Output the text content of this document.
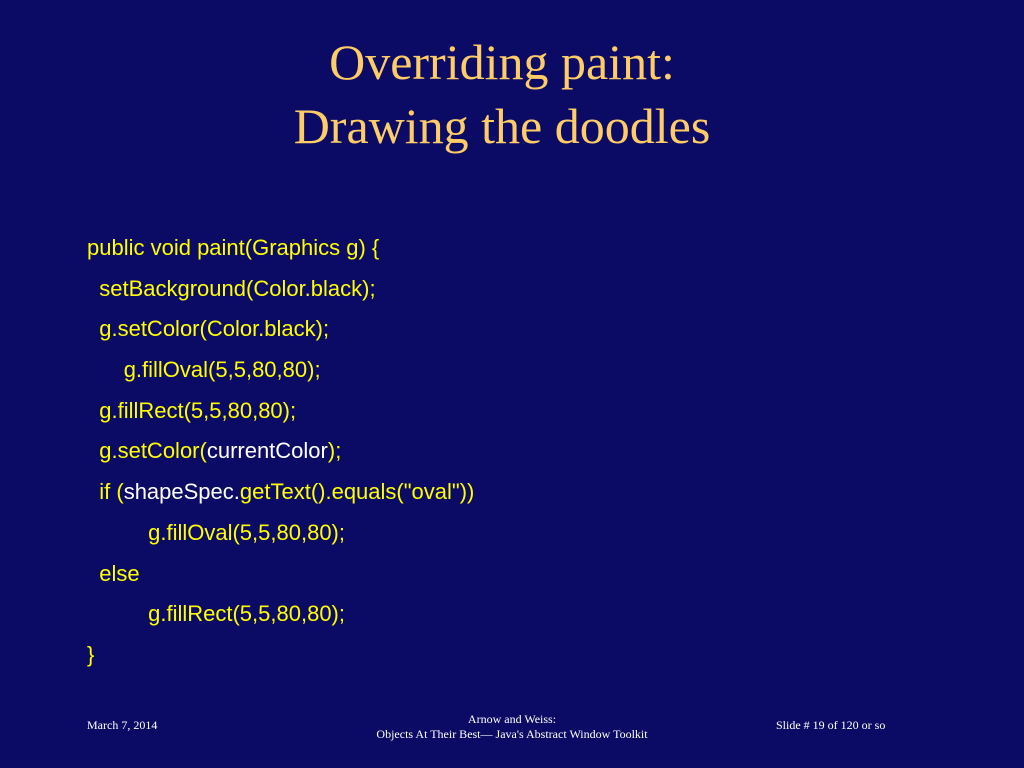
Overriding paint:
Drawing the doodles
public void paint(Graphics g) {
setBackground(Color.black);
g.setColor(Color.black);
g.fillOval(5,5,80,80);
g.fillRect(5,5,80,80);
g.setColor(currentColor);
if (shapeSpec.getText().equals("oval"))
g.fillOval(5,5,80,80);
else
g.fillRect(5,5,80,80);
}
March 7, 2014	Arnow and Weiss:
Objects At Their Best— Java's Abstract Window Toolkit
Slide # 19 of 120 or so
